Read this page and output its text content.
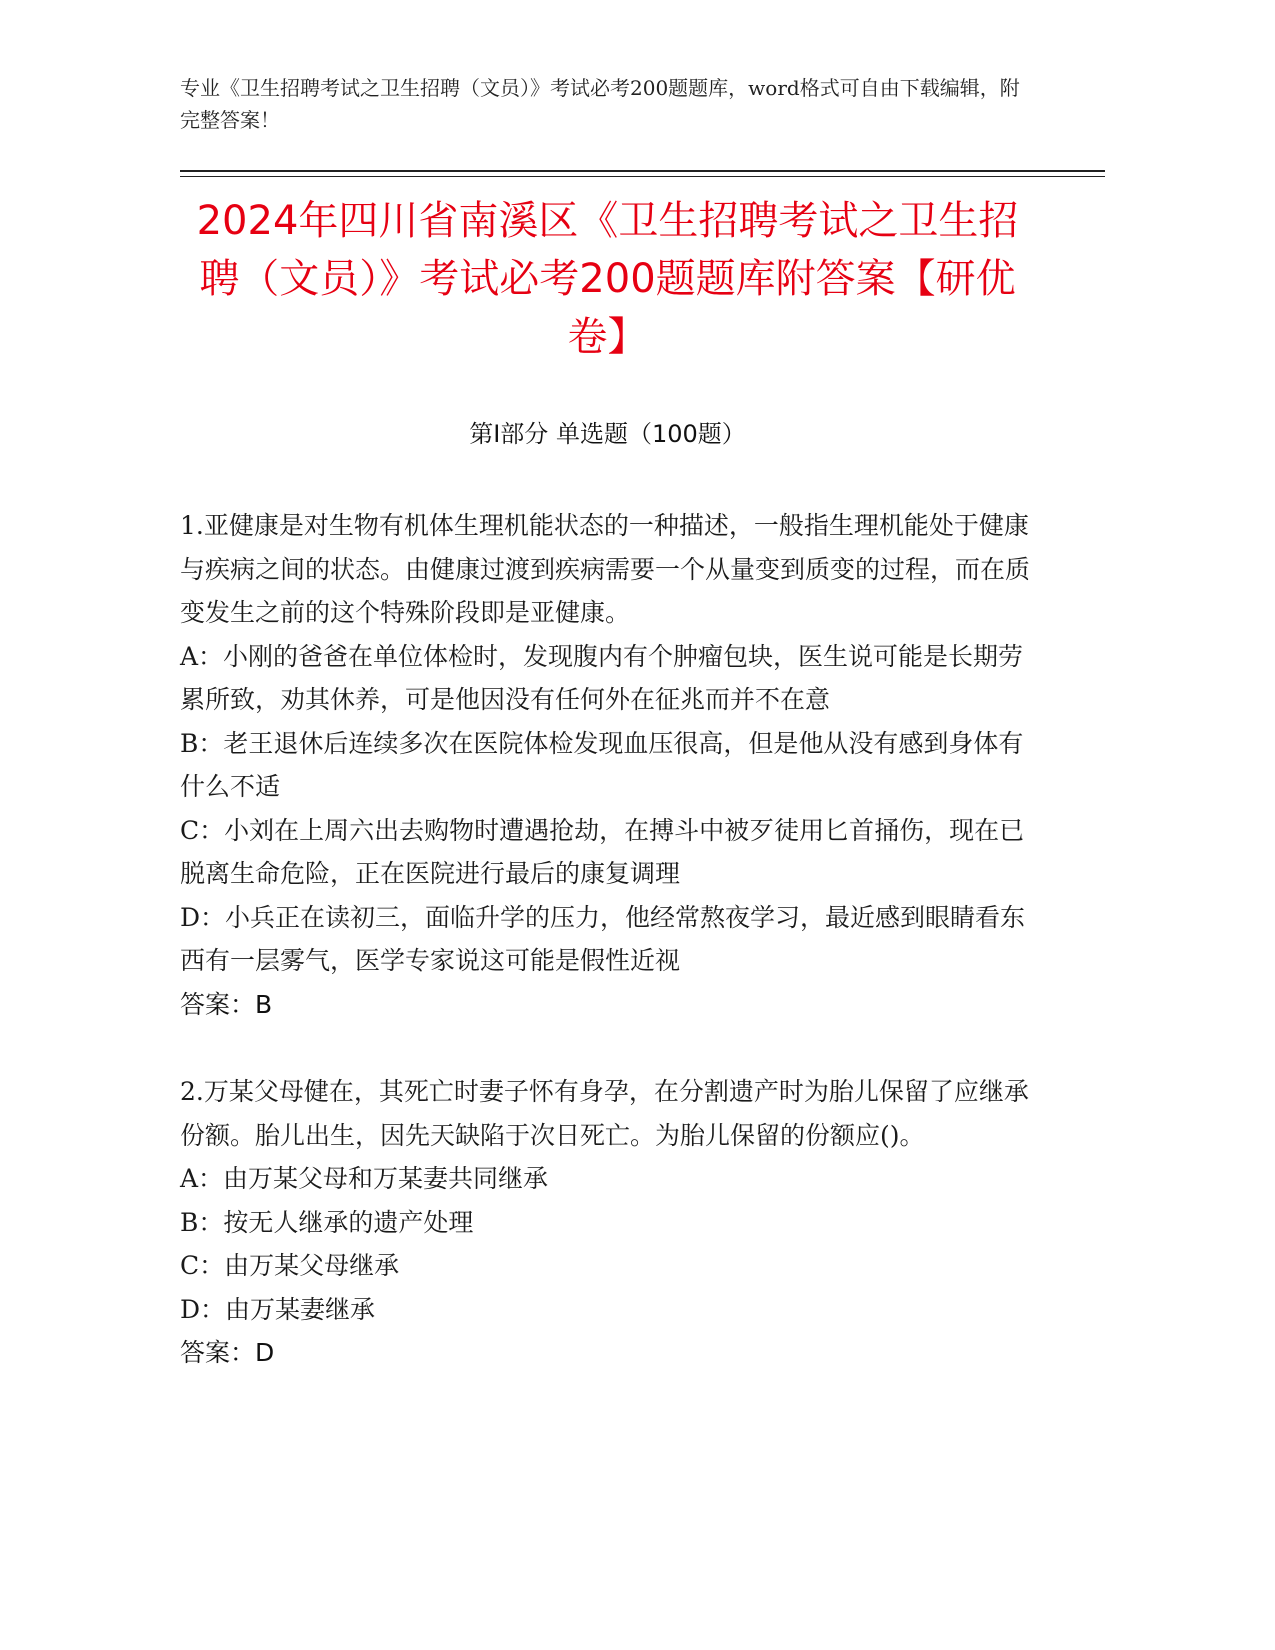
专业《卫生招聘考试之卫生招聘（文员）》考试必考200题题库，word格式可自由下载编辑，附完整答案！
2024年四川省南溪区《卫生招聘考试之卫生招聘（文员）》考试必考200题题库附答案【研优卷】
第Ⅰ部分 单选题（100题）

1.亚健康是对生物有机体生理机能状态的一种描述，一般指生理机能处于健康与疾病之间的状态。由健康过渡到疾病需要一个从量变到质变的过程，而在质变发生之前的这个特殊阶段即是亚健康。

A：小刚的爸爸在单位体检时，发现腹内有个肿瘤包块，医生说可能是长期劳累所致，劝其休养，可是他因没有任何外在征兆而并不在意

B：老王退休后连续多次在医院体检发现血压很高，但是他从没有感到身体有什么不适

C：小刘在上周六出去购物时遭遇抢劫，在搏斗中被歹徒用匕首捅伤，现在已脱离生命危险，正在医院进行最后的康复调理

D：小兵正在读初三，面临升学的压力，他经常熬夜学习，最近感到眼睛看东西有一层雾气，医学专家说这可能是假性近视

答案：B

2.万某父母健在，其死亡时妻子怀有身孕，在分割遗产时为胎儿保留了应继承份额。胎儿出生，因先天缺陷于次日死亡。为胎儿保留的份额应()。

A：由万某父母和万某妻共同继承

B：按无人继承的遗产处理

C：由万某父母继承

D：由万某妻继承

答案：D
